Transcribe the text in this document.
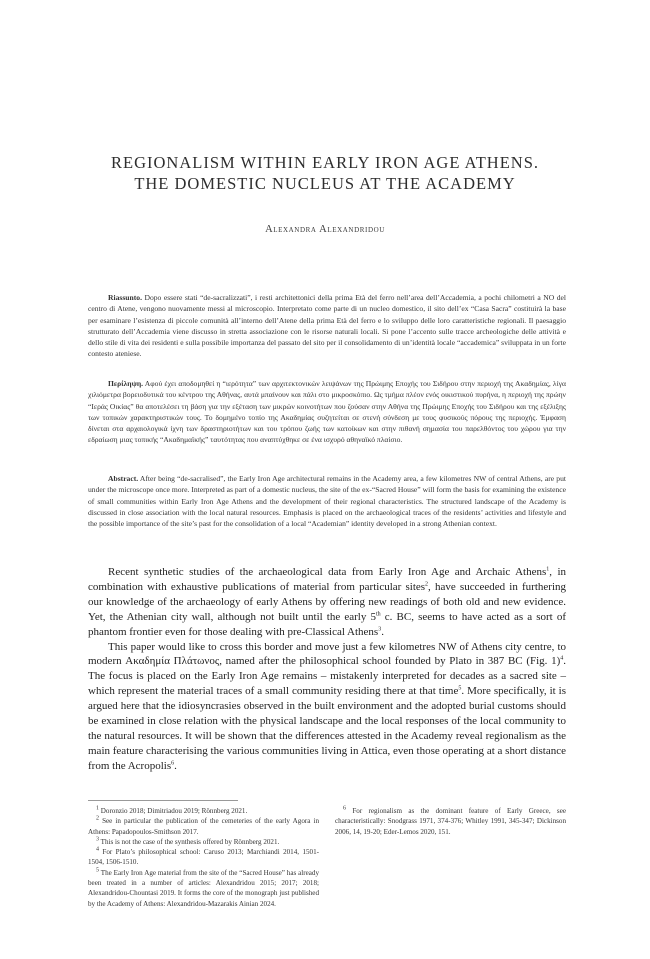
REGIONALISM WITHIN EARLY IRON AGE ATHENS.
THE DOMESTIC NUCLEUS AT THE ACADEMY
Alexandra Alexandridou
Riassunto. Dopo essere stati “de-sacralizzati”, i resti architettonici della prima Età del ferro nell’area dell’Accademia, a pochi chilometri a NO del centro di Atene, vengono nuovamente messi al microscopio. Interpretato come parte di un nucleo domestico, il sito dell’ex “Casa Sacra” costituirà la base per esaminare l’esistenza di piccole comunità all’interno dell’Atene della prima Età del ferro e lo sviluppo delle loro caratteristiche regionali. Il paesaggio strutturato dell’Accademia viene discusso in stretta associazione con le risorse naturali locali. Si pone l’accento sulle tracce archeologiche delle attività e dello stile di vita dei residenti e sulla possibile importanza del passato del sito per il consolidamento di un’identità locale “accademica” sviluppata in un forte contesto ateniese.
Περίληψη. Αφού έχει αποδομηθεί η “ιερότητα” των αρχιτεκτονικών λειψάνων της Πρώιμης Εποχής του Σιδήρου στην περιοχή της Ακαδημίας, λίγα χιλιόμετρα βορειοδυτικά του κέντρου της Αθήνας, αυτά μπαίνουν και πάλι στο μικροσκόπιο. Ως τμήμα πλέον ενός οικιστικού πυρήνα, η περιοχή της πρώην “Ιεράς Οικίας” θα αποτελέσει τη βάση για την εξέταση των μικρών κοινοτήτων που ζούσαν στην Αθήνα της Πρώιμης Εποχής του Σιδήρου και της εξέλιξης των τοπικών χαρακτηριστικών τους. Το δομημένο τοπίο της Ακαδημίας συζητείται σε στενή σύνδεση με τους φυσικούς πόρους της περιοχής. Έμφαση δίνεται στα αρχαιολογικά ίχνη των δραστηριοτήτων και του τρόπου ζωής των κατοίκων και στην πιθανή σημασία του παρελθόντος του χώρου για την εδραίωση μιας τοπικής “Ακαδημαϊκής” ταυτότητας που αναπτύχθηκε σε ένα ισχυρό αθηναϊκό πλαίσιο.
Abstract. After being “de-sacralised”, the Early Iron Age architectural remains in the Academy area, a few kilometres NW of central Athens, are put under the microscope once more. Interpreted as part of a domestic nucleus, the site of the ex-“Sacred House” will form the basis for examining the existence of small communities within Early Iron Age Athens and the development of their regional characteristics. The structured landscape of the Academy is discussed in close association with the local natural resources. Emphasis is placed on the archaeological traces of the residents’ activities and lifestyle and the possible importance of the site’s past for the consolidation of a local “Academian” identity developed in a strong Athenian context.

Recent synthetic studies of the archaeological data from Early Iron Age and Archaic Athens$^1$, in combination with exhaustive publications of material from particular sites$^2$, have succeeded in furthering our knowledge of the archaeology of early Athens by offering new readings of both old and new evidence. Yet, the Athenian city wall, although not built until the early 5th c. BC, seems to have acted as a sort of phantom frontier even for those dealing with pre-Classical Athens$^3$.

This paper would like to cross this border and move just a few kilometres NW of Athens city centre, to modern Ακαδημία Πλάτωνος, named after the philosophical school founded by Plato in 387 BC (Fig. 1)$^4$. The focus is placed on the Early Iron Age remains – mistakenly interpreted for decades as a sacred site – which represent the material traces of a small community residing there at that time$^5$. More specifically, it is argued here that the idiosyncrasies observed in the built environment and the adopted burial customs should be examined in close relation with the physical landscape and the local responses of the local community to the natural resources. It will be shown that the differences attested in the Academy reveal regionalism as the main feature characterising the various communities living in Attica, even those operating at a short distance from the Acropolis$^6$.

$^1$ Doronzio 2018; Dimitriadou 2019; Rönnberg 2021.

$^2$ See in particular the publication of the cemeteries of the early Agora in Athens: Papadopoulos-Smithson 2017.

$^3$ This is not the case of the synthesis offered by Rönnberg 2021.

$^4$ For Plato’s philosophical school: Caruso 2013; Marchiandi 2014, 1501-1504, 1506-1510.

$^5$ The Early Iron Age material from the site of the “Sacred House” has already been treated in a number of articles: Alexandridou 2015; 2017; 2018; Alexandridou-Chountasi 2019. It forms the core of the monograph just published by the Academy of Athens: Alexandridou-Mazarakis Ainian 2024.

$^6$ For regionalism as the dominant feature of Early Greece, see characteristically: Snodgrass 1971, 374-376; Whitley 1991, 345-347; Dickinson 2006, 14, 19-20; Eder-Lemos 2020, 151.
